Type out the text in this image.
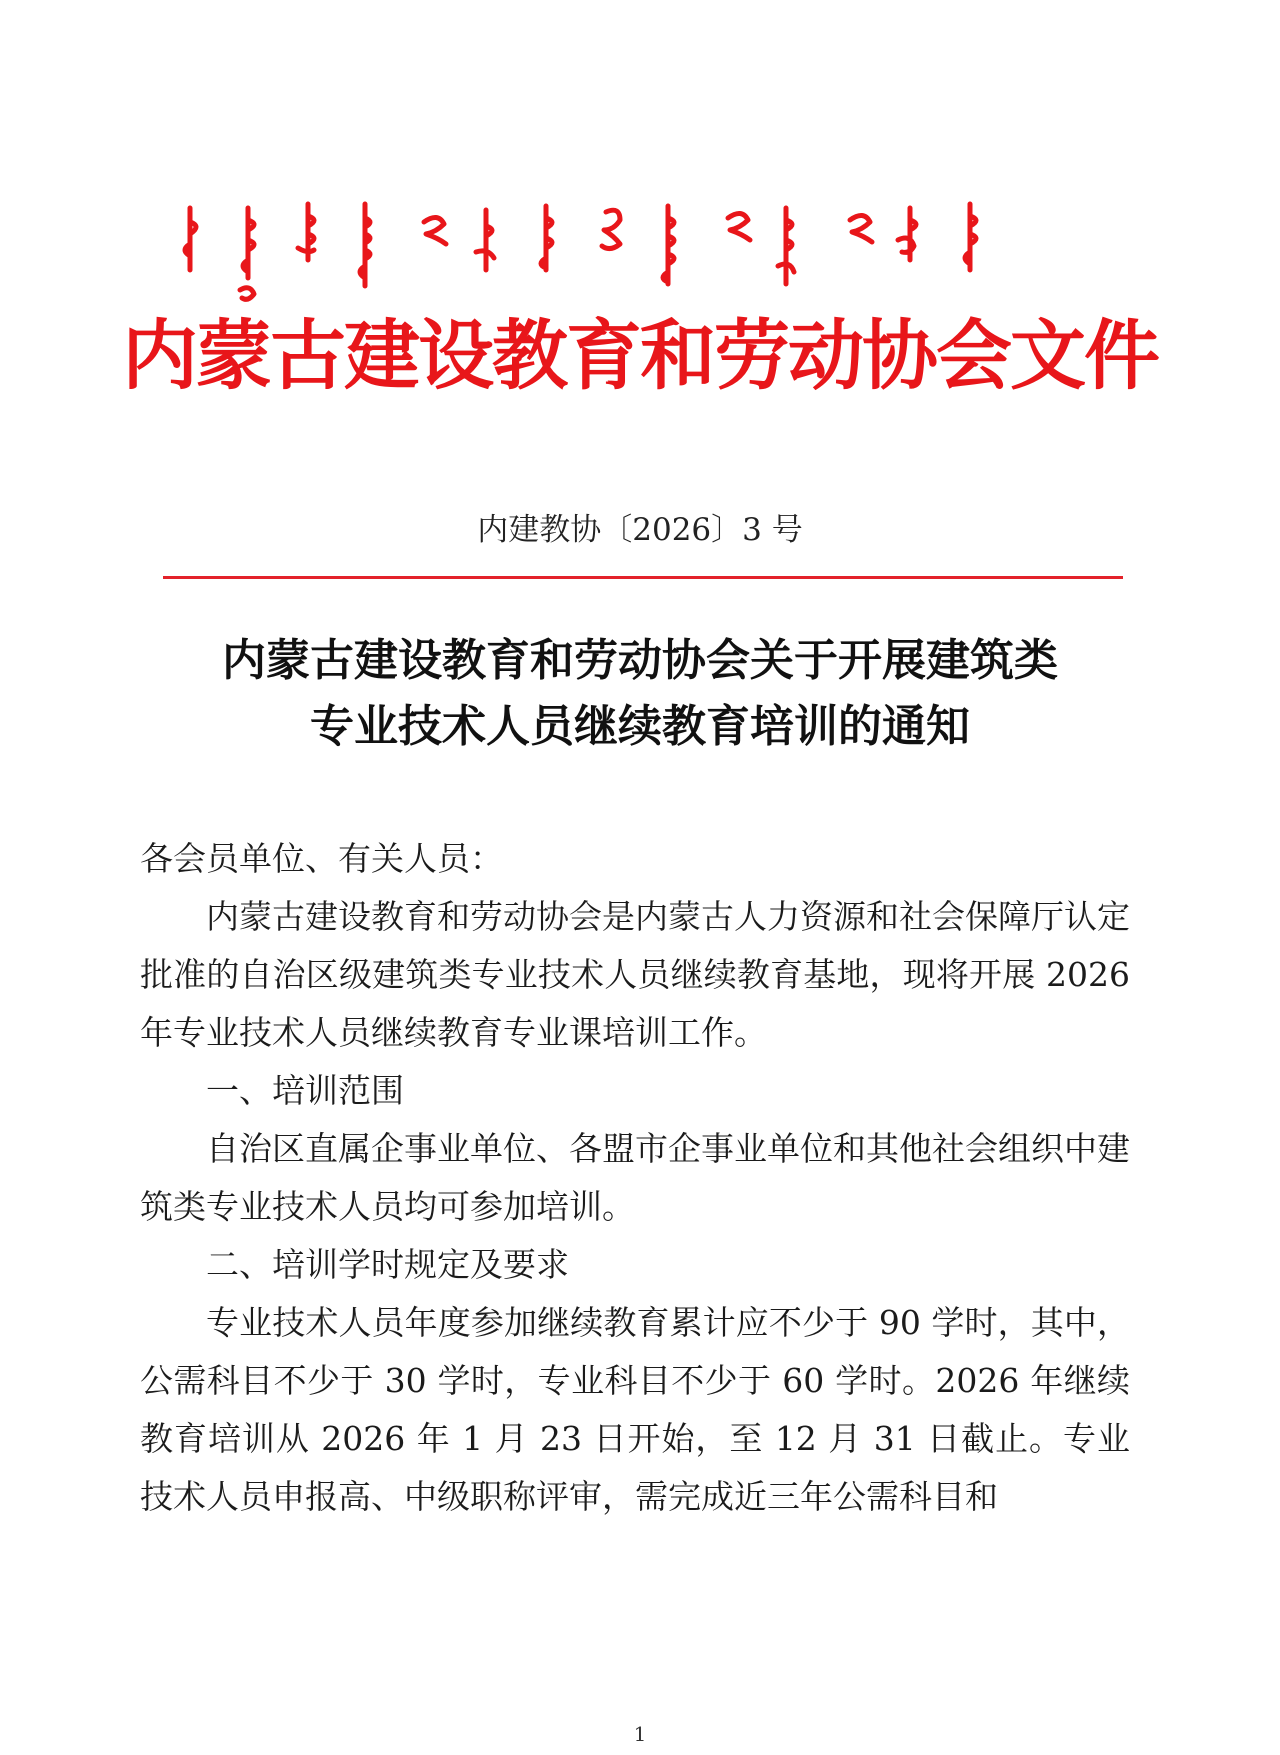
内蒙古建设教育和劳动协会文件
内建教协〔2026〕3 号
内蒙古建设教育和劳动协会关于开展建筑类
专业技术人员继续教育培训的通知

各会员单位、有关人员：

内蒙古建设教育和劳动协会是内蒙古人力资源和社会保障厅认定批准的自治区级建筑类专业技术人员继续教育基地，现将开展 2026 年专业技术人员继续教育专业课培训工作。

一、培训范围

自治区直属企事业单位、各盟市企事业单位和其他社会组织中建筑类专业技术人员均可参加培训。

二、培训学时规定及要求

专业技术人员年度参加继续教育累计应不少于 90 学时，其中，公需科目不少于 30 学时，专业科目不少于 60 学时。2026 年继续教育培训从 2026 年 1 月 23 日开始，至 12 月 31 日截止。专业技术人员申报高、中级职称评审，需完成近三年公需科目和

1
